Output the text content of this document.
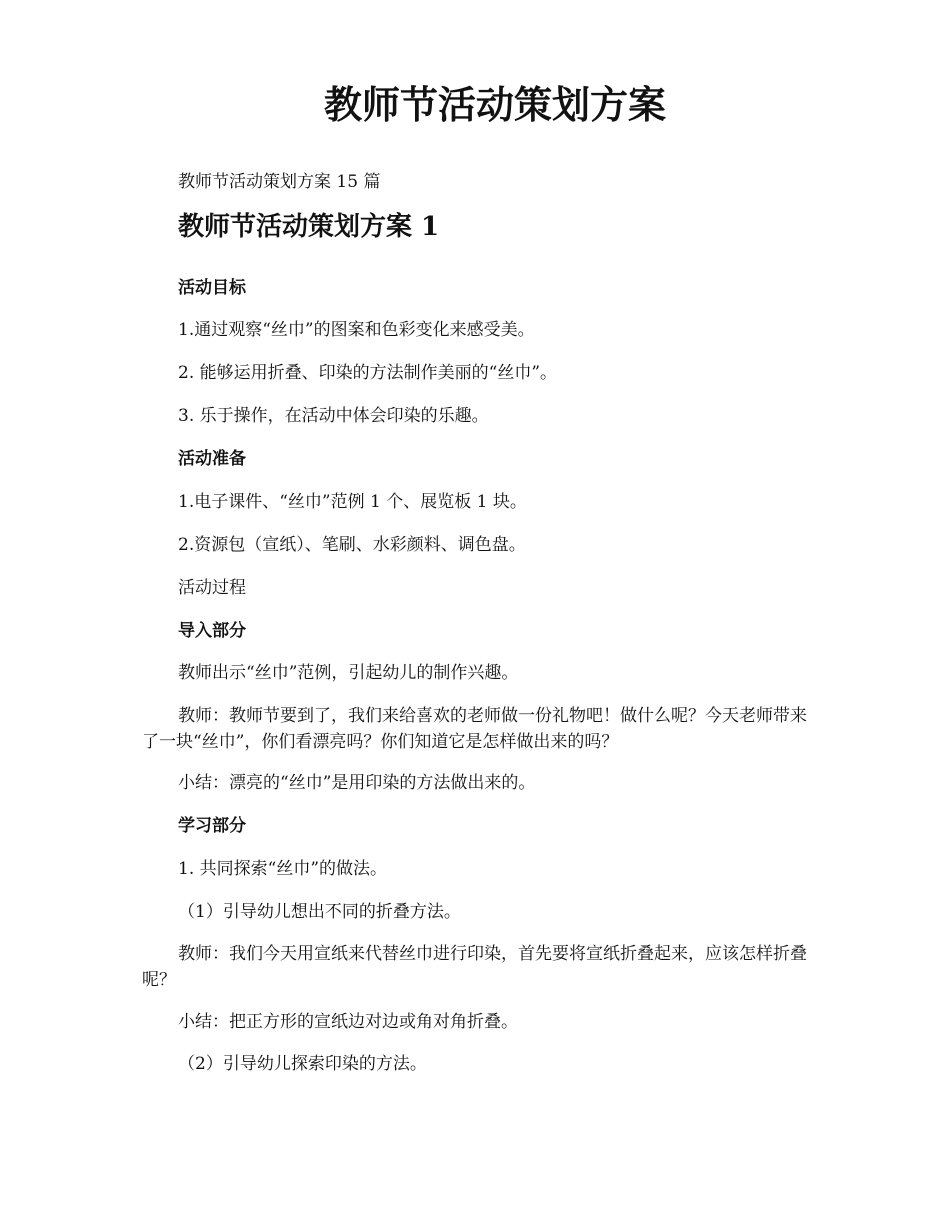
教师节活动策划方案
教师节活动策划方案 15 篇
教师节活动策划方案 1
活动目标
1.通过观察“丝巾”的图案和色彩变化来感受美。
2. 能够运用折叠、印染的方法制作美丽的“丝巾”。
3. 乐于操作，在活动中体会印染的乐趣。
活动准备
1.电子课件、“丝巾”范例 1 个、展览板 1 块。
2.资源包（宣纸）、笔刷、水彩颜料、调色盘。
活动过程
导入部分
教师出示“丝巾”范例，引起幼儿的制作兴趣。
教师：教师节要到了，我们来给喜欢的老师做一份礼物吧！做什么呢？今天老师带来了一块“丝巾”，你们看漂亮吗？你们知道它是怎样做出来的吗？
小结：漂亮的“丝巾”是用印染的方法做出来的。
学习部分
1. 共同探索“丝巾”的做法。
（1）引导幼儿想出不同的折叠方法。
教师：我们今天用宣纸来代替丝巾进行印染，首先要将宣纸折叠起来，应该怎样折叠呢？
小结：把正方形的宣纸边对边或角对角折叠。
（2）引导幼儿探索印染的方法。
